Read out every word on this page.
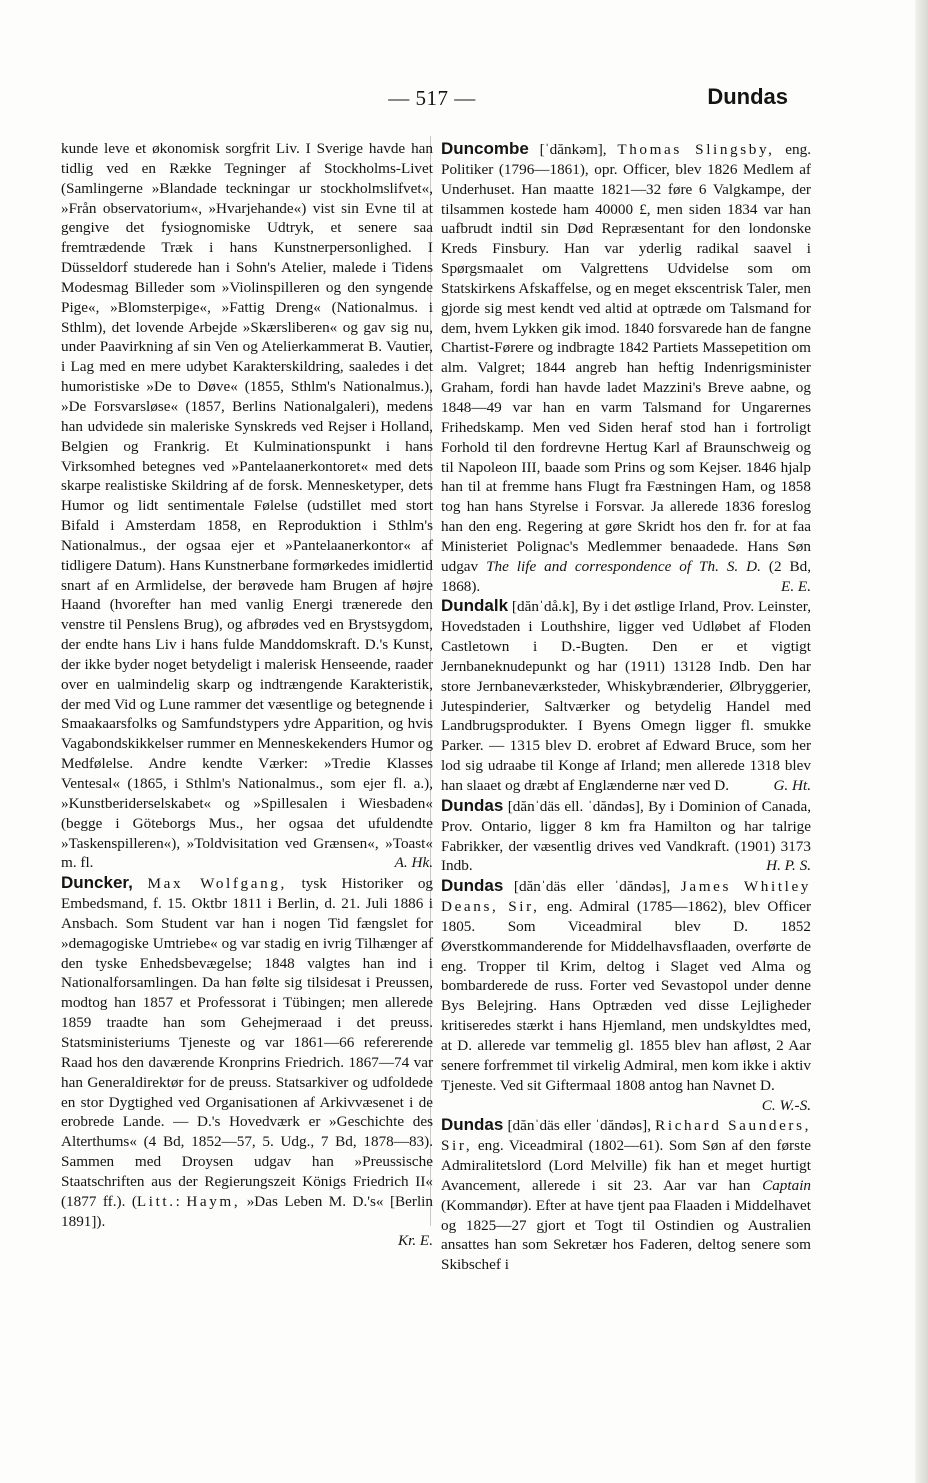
— 517 —	Dundas

kunde leve et økonomisk sorgfrit Liv. I Sverige havde han tidlig ved en Række Tegninger af Stockholms-Livet (Samlingerne »Blandade teckningar ur stockholmslifvet«, »Från observatorium«, »Hvarjehande«) vist sin Evne til at gengive det fysiognomiske Udtryk, et senere saa fremtrædende Træk i hans Kunstnerpersonlighed. I Düsseldorf studerede han i Sohn's Atelier, malede i Tidens Modesmag Billeder som »Violinspilleren og den syngende Pige«, »Blomsterpige«, »Fattig Dreng« (Nationalmus. i Sthlm), det lovende Arbejde »Skærsliberen« og gav sig nu, under Paavirkning af sin Ven og Atelierkammerat B. Vautier, i Lag med en mere udybet Karakterskildring, saaledes i det humoristiske »De to Døve« (1855, Sthlm's Nationalmus.), »De Forsvarsløse« (1857, Berlins Nationalgaleri), medens han udvidede sin maleriske Synskreds ved Rejser i Holland, Belgien og Frankrig. Et Kulminationspunkt i hans Virksomhed betegnes ved »Pantelaanerkontoret« med dets skarpe realistiske Skildring af de forsk. Mennesketyper, dets Humor og lidt sentimentale Følelse (udstillet med stort Bifald i Amsterdam 1858, en Reproduktion i Sthlm's Nationalmus., der ogsaa ejer et »Pantelaanerkontor« af tidligere Datum). Hans Kunstnerbane formørkedes imidlertid snart af en Armlidelse, der berøvede ham Brugen af højre Haand (hvorefter han med vanlig Energi trænerede den venstre til Penslens Brug), og afbrødes ved en Brystsygdom, der endte hans Liv i hans fulde Manddomskraft. D.'s Kunst, der ikke byder noget betydeligt i malerisk Henseende, raader over en ualmindelig skarp og indtrængende Karakteristik, der med Vid og Lune rammer det væsentlige og betegnende i Smaakaarsfolks og Samfundstypers ydre Apparition, og hvis Vagabondskikkelser rummer en Menneskekenders Humor og Medfølelse. Andre kendte Værker: »Tredie Klasses Ventesal« (1865, i Sthlm's Nationalmus., som ejer fl. a.), »Kunstberiderselskabet« og »Spillesalen i Wiesbaden« (begge i Göteborgs Mus., her ogsaa det ufuldendte »Taskenspilleren«), »Toldvisitation ved Grænsen«, »Toast« m. fl.	A. Hk.

Duncker, Max Wolfgang, tysk Historiker og Embedsmand, f. 15. Oktbr 1811 i Berlin, d. 21. Juli 1886 i Ansbach. Som Student var han i nogen Tid fængslet for »demagogiske Umtriebe« og var stadig en ivrig Tilhænger af den tyske Enhedsbevægelse; 1848 valgtes han ind i Nationalforsamlingen. Da han følte sig tilsidesat i Preussen, modtog han 1857 et Professorat i Tübingen; men allerede 1859 traadte han som Gehejmeraad i det preuss. Statsministeriums Tjeneste og var 1861—66 refererende Raad hos den daværende Kronprins Friedrich. 1867—74 var han Generaldirektør for de preuss. Statsarkiver og udfoldede en stor Dygtighed ved Organisationen af Arkivvæsenet i de erobrede Lande. — D.'s Hovedværk er »Geschichte des Alterthums« (4 Bd, 1852—57, 5. Udg., 7 Bd, 1878—83). Sammen med Droysen udgav han »Preussische Staatschriften aus der Regierungszeit Königs Friedrich II« (1877 ff.). (Litt.: Haym, »Das Leben M. D.'s« [Berlin 1891]).
Kr. E.

Duncombe [ˈdănkəm], Thomas Slingsby, eng. Politiker (1796—1861), opr. Officer, blev 1826 Medlem af Underhuset. Han maatte 1821—32 føre 6 Valgkampe, der tilsammen kostede ham 40000 £, men siden 1834 var han uafbrudt indtil sin Død Repræsentant for den londonske Kreds Finsbury. Han var yderlig radikal saavel i Spørgsmaalet om Valgrettens Udvidelse som om Statskirkens Afskaffelse, og en meget ekscentrisk Taler, men gjorde sig mest kendt ved altid at optræde om Talsmand for dem, hvem Lykken gik imod. 1840 forsvarede han de fangne Chartist-Førere og indbragte 1842 Partiets Massepetition om alm. Valgret; 1844 angreb han heftig Indenrigsminister Graham, fordi han havde ladet Mazzini's Breve aabne, og 1848—49 var han en varm Talsmand for Ungarernes Frihedskamp. Men ved Siden heraf stod han i fortroligt Forhold til den fordrevne Hertug Karl af Braunschweig og til Napoleon III, baade som Prins og som Kejser. 1846 hjalp han til at fremme hans Flugt fra Fæstningen Ham, og 1858 tog han hans Styrelse i Forsvar. Ja allerede 1836 foreslog han den eng. Regering at gøre Skridt hos den fr. for at faa Ministeriet Polignac's Medlemmer benaadede. Hans Søn udgav The life and correspondence of Th. S. D. (2 Bd, 1868).	E. E.

Dundalk [dănˈdå.k], By i det østlige Irland, Prov. Leinster, Hovedstaden i Louthshire, ligger ved Udløbet af Floden Castletown i D.-Bugten. Den er et vigtigt Jernbaneknudepunkt og har (1911) 13128 Indb. Den har store Jernbaneværksteder, Whiskybrænderier, Ølbryggerier, Jutespinderier, Saltværker og betydelig Handel med Landbrugsprodukter. I Byens Omegn ligger fl. smukke Parker. — 1315 blev D. erobret af Edward Bruce, som her lod sig udraabe til Konge af Irland; men allerede 1318 blev han slaaet og dræbt af Englænderne nær ved D.	G. Ht.

Dundas [dănˈdäs ell. ˈdăndəs], By i Dominion of Canada, Prov. Ontario, ligger 8 km fra Hamilton og har talrige Fabrikker, der væsentlig drives ved Vandkraft. (1901) 3173 Indb.	H. P. S.

Dundas [dănˈdäs eller ˈdăndəs], James Whitley Deans, Sir, eng. Admiral (1785—1862), blev Officer 1805. Som Viceadmiral blev D. 1852 Øverstkommanderende for Middelhavsflaaden, overførte de eng. Tropper til Krim, deltog i Slaget ved Alma og bombarderede de russ. Forter ved Sevastopol under denne Bys Belejring. Hans Optræden ved disse Lejligheder kritiseredes stærkt i hans Hjemland, men undskyldtes med, at D. allerede var temmelig gl. 1855 blev han afløst, 2 Aar senere forfremmet til virkelig Admiral, men kom ikke i aktiv Tjeneste. Ved sit Giftermaal 1808 antog han Navnet D.
C. W.-S.

Dundas [dănˈdäs eller ˈdăndəs], Richard Saunders, Sir, eng. Viceadmiral (1802—61). Som Søn af den første Admiralitetslord (Lord Melville) fik han et meget hurtigt Avancement, allerede i sit 23. Aar var han Captain (Kommandør). Efter at have tjent paa Flaaden i Middelhavet og 1825—27 gjort et Togt til Ostindien og Australien ansattes han som Sekretær hos Faderen, deltog senere som Skibschef i
